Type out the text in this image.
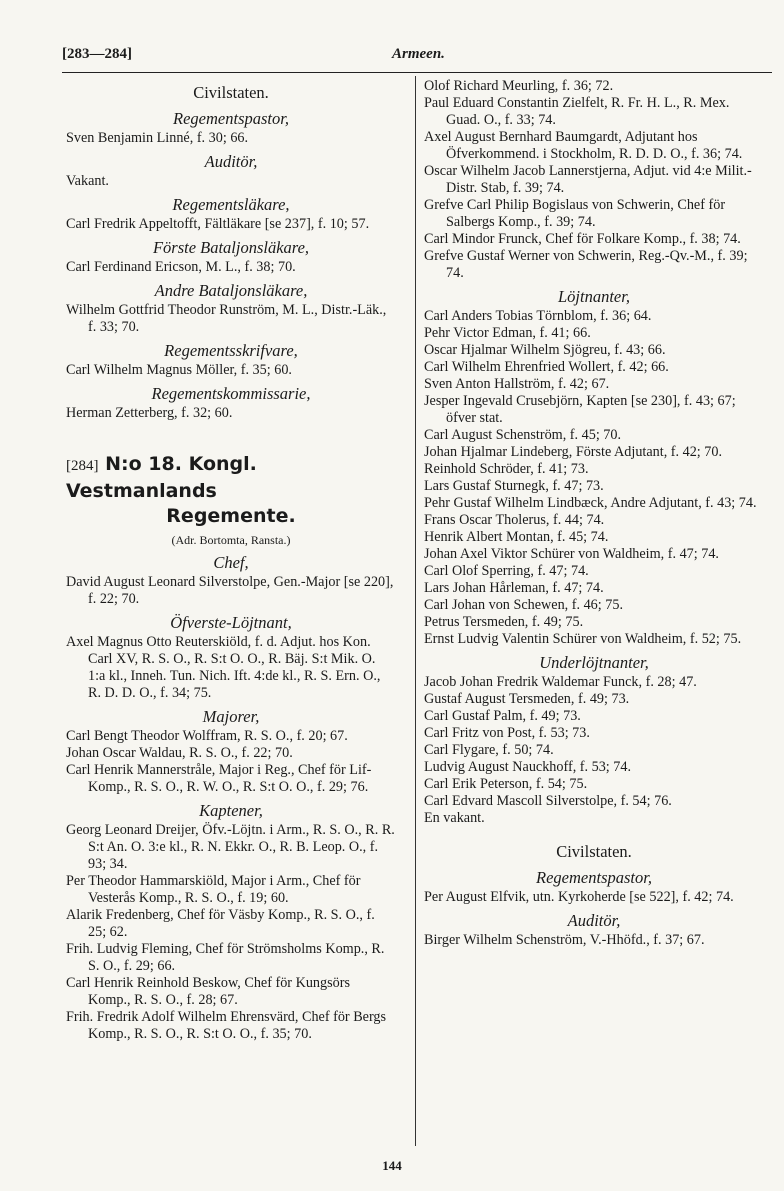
[283—284]	Armeen.
Civilstaten.
Regementspastor,
Sven Benjamin Linné, f. 30; 66.
Auditör,
Vakant.
Regementsläkare,
Carl Fredrik Appeltofft, Fältläkare [se 237], f. 10; 57.
Förste Bataljonsläkare,
Carl Ferdinand Ericson, M. L., f. 38; 70.
Andre Bataljonsläkare,
Wilhelm Gottfrid Theodor Runström, M. L., Distr.-Läk., f. 33; 70.
Regementsskrifvare,
Carl Wilhelm Magnus Möller, f. 35; 60.
Regementskommissarie,
Herman Zetterberg, f. 32; 60.
[284] N:o 18. Kongl. Vestmanlands
Regemente.
(Adr. Bortomta, Ransta.)
Chef,
David August Leonard Silverstolpe, Gen.-Major [se 220], f. 22; 70.
Öfverste-Löjtnant,
Axel Magnus Otto Reuterskiöld, f. d. Adjut. hos Kon. Carl XV, R. S. O., R. S:t O. O., R. Bäj. S:t Mik. O. 1:a kl., Inneh. Tun. Nich. Ift. 4:de kl., R. S. Ern. O., R. D. D. O., f. 34; 75.
Majorer,
Carl Bengt Theodor Wolffram, R. S. O., f. 20; 67.
Johan Oscar Waldau, R. S. O., f. 22; 70.
Carl Henrik Mannerstråle, Major i Reg., Chef för Lif-Komp., R. S. O., R. W. O., R. S:t O. O., f. 29; 76.
Kaptener,
Georg Leonard Dreijer, Öfv.-Löjtn. i Arm., R. S. O., R. R. S:t An. O. 3:e kl., R. N. Ekkr. O., R. B. Leop. O., f. 93; 34.
Per Theodor Hammarskiöld, Major i Arm., Chef för Vesterås Komp., R. S. O., f. 19; 60.
Alarik Fredenberg, Chef för Väsby Komp., R. S. O., f. 25; 62.
Frih. Ludvig Fleming, Chef för Strömsholms Komp., R. S. O., f. 29; 66.
Carl Henrik Reinhold Beskow, Chef för Kungsörs Komp., R. S. O., f. 28; 67.
Frih. Fredrik Adolf Wilhelm Ehrensvärd, Chef för Bergs Komp., R. S. O., R. S:t O. O., f. 35; 70.
Olof Richard Meurling, f. 36; 72.
Paul Eduard Constantin Zielfelt, R. Fr. H. L., R. Mex. Guad. O., f. 33; 74.
Axel August Bernhard Baumgardt, Adjutant hos Öfverkommend. i Stockholm, R. D. D. O., f. 36; 74.
Oscar Wilhelm Jacob Lannerstjerna, Adjut. vid 4:e Milit.-Distr. Stab, f. 39; 74.
Grefve Carl Philip Bogislaus von Schwerin, Chef för Salbergs Komp., f. 39; 74.
Carl Mindor Frunck, Chef för Folkare Komp., f. 38; 74.
Grefve Gustaf Werner von Schwerin, Reg.-Qv.-M., f. 39; 74.
Löjtnanter,
Carl Anders Tobias Törnblom, f. 36; 64.
Pehr Victor Edman, f. 41; 66.
Oscar Hjalmar Wilhelm Sjögreu, f. 43; 66.
Carl Wilhelm Ehrenfried Wollert, f. 42; 66.
Sven Anton Hallström, f. 42; 67.
Jesper Ingevald Crusebjörn, Kapten [se 230], f. 43; 67; öfver stat.
Carl August Schenström, f. 45; 70.
Johan Hjalmar Lindeberg, Förste Adjutant, f. 42; 70.
Reinhold Schröder, f. 41; 73.
Lars Gustaf Sturnegk, f. 47; 73.
Pehr Gustaf Wilhelm Lindbæck, Andre Adjutant, f. 43; 74.
Frans Oscar Tholerus, f. 44; 74.
Henrik Albert Montan, f. 45; 74.
Johan Axel Viktor Schürer von Waldheim, f. 47; 74.
Carl Olof Sperring, f. 47; 74.
Lars Johan Hårleman, f. 47; 74.
Carl Johan von Schewen, f. 46; 75.
Petrus Tersmeden, f. 49; 75.
Ernst Ludvig Valentin Schürer von Waldheim, f. 52; 75.
Underlöjtnanter,
Jacob Johan Fredrik Waldemar Funck, f. 28; 47.
Gustaf August Tersmeden, f. 49; 73.
Carl Gustaf Palm, f. 49; 73.
Carl Fritz von Post, f. 53; 73.
Carl Flygare, f. 50; 74.
Ludvig August Nauckhoff, f. 53; 74.
Carl Erik Peterson, f. 54; 75.
Carl Edvard Mascoll Silverstolpe, f. 54; 76.
En vakant.
Civilstaten.
Regementspastor,
Per August Elfvik, utn. Kyrkoherde [se 522], f. 42; 74.
Auditör,
Birger Wilhelm Schenström, V.-Hhöfd., f. 37; 67.
144
